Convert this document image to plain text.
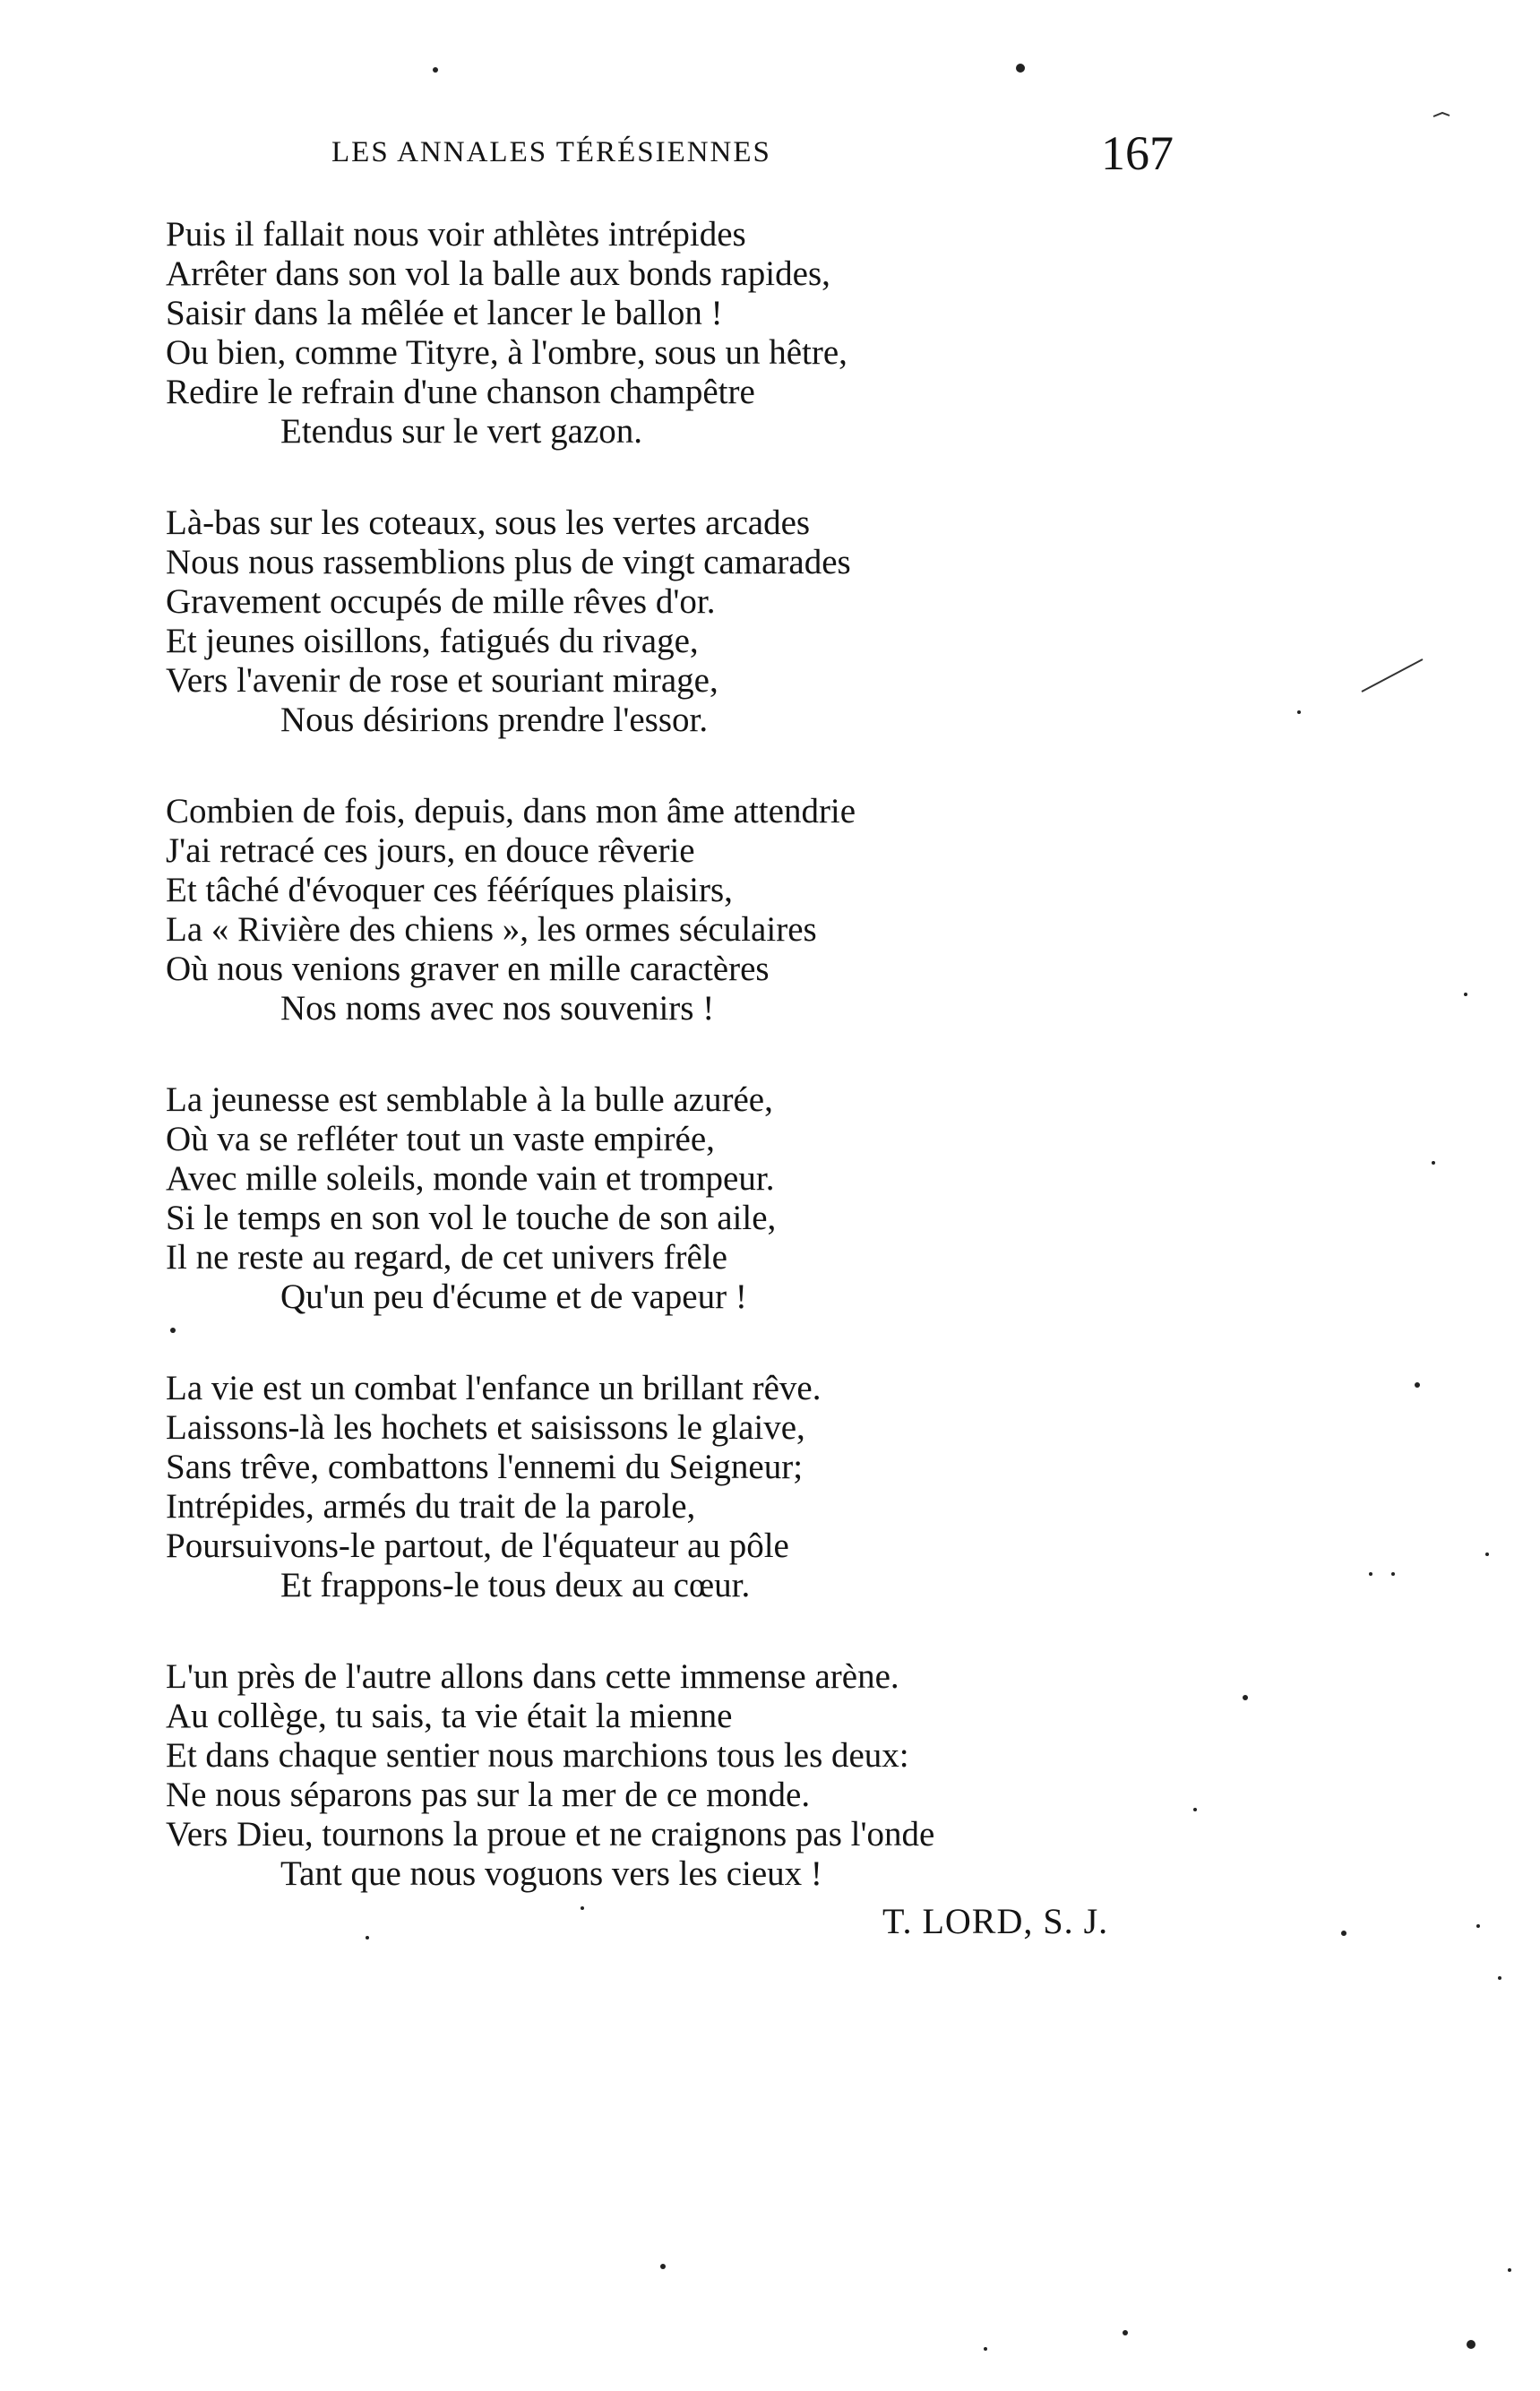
LES ANNALES TÉRÉSIENNES	167
Puis il fallait nous voir athlètes intrépides
Arrêter dans son vol la balle aux bonds rapides,
Saisir dans la mêlée et lancer le ballon !
Ou bien, comme Tityre, à l'ombre, sous un hêtre,
Redire le refrain d'une chanson champêtre
Etendus sur le vert gazon.
Là-bas sur les coteaux, sous les vertes arcades
Nous nous rassemblions plus de vingt camarades
Gravement occupés de mille rêves d'or.
Et jeunes oisillons, fatigués du rivage,
Vers l'avenir de rose et souriant mirage,
Nous désirions prendre l'essor.
Combien de fois, depuis, dans mon âme attendrie
J'ai retracé ces jours, en douce rêverie
Et tâché d'évoquer ces fééríques plaisirs,
La « Rivière des chiens », les ormes séculaires
Où nous venions graver en mille caractères
Nos noms avec nos souvenirs !
La jeunesse est semblable à la bulle azurée,
Où va se refléter tout un vaste empirée,
Avec mille soleils, monde vain et trompeur.
Si le temps en son vol le touche de son aile,
Il ne reste au regard, de cet univers frêle
Qu'un peu d'écume et de vapeur !
La vie est un combat l'enfance un brillant rêve.
Laissons-là les hochets et saisissons le glaive,
Sans trêve, combattons l'ennemi du Seigneur;
Intrépides, armés du trait de la parole,
Poursuivons-le partout, de l'équateur au pôle
Et frappons-le tous deux au cœur.
L'un près de l'autre allons dans cette immense arène.
Au collège, tu sais, ta vie était la mienne
Et dans chaque sentier nous marchions tous les deux:
Ne nous séparons pas sur la mer de ce monde.
Vers Dieu, tournons la proue et ne craignons pas l'onde
Tant que nous voguons vers les cieux !
T. LORD, S. J.
